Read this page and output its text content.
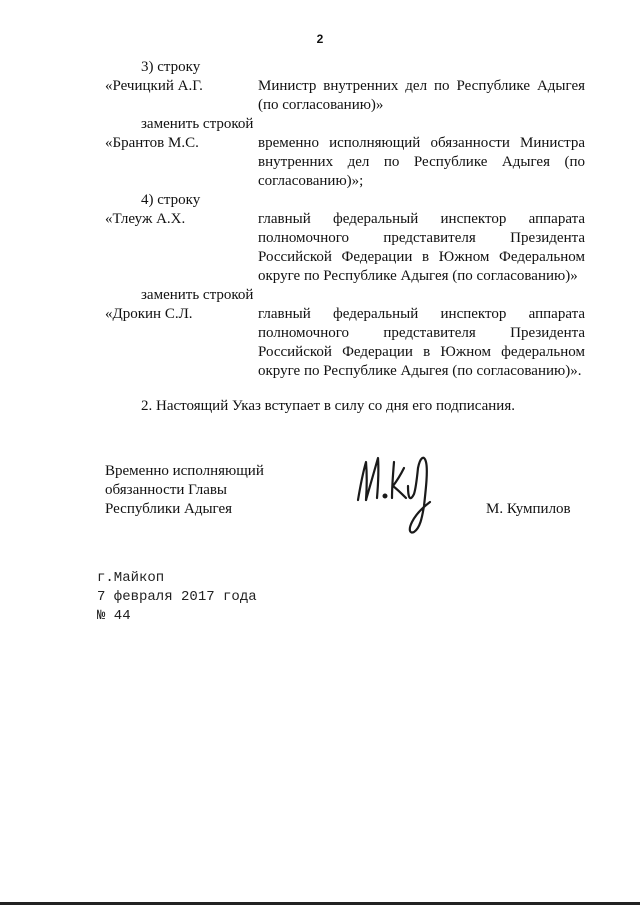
2
3) строку
«Речицкий А.Г.	Министр внутренних дел по Республике Адыгея (по согласованию)»
заменить строкой
«Брантов М.С.	временно исполняющий обязанности Министра внутренних дел по Республике Адыгея (по согласованию)»;
4) строку
«Тлеуж А.Х.	главный федеральный инспектор аппарата полномочного представителя Президента Российской Федерации в Южном Федеральном округе по Республике Адыгея (по согласованию)»
заменить строкой
«Дрокин С.Л.	главный федеральный инспектор аппарата полномочного представителя Президента Российской Федерации в Южном федеральном округе по Республике Адыгея (по согласованию)».
2. Настоящий Указ вступает в силу со дня его подписания.
Временно исполняющий
обязанности Главы
Республики Адыгея	М. Кумпилов
г.Майкоп
7 февраля 2017 года
№ 44
